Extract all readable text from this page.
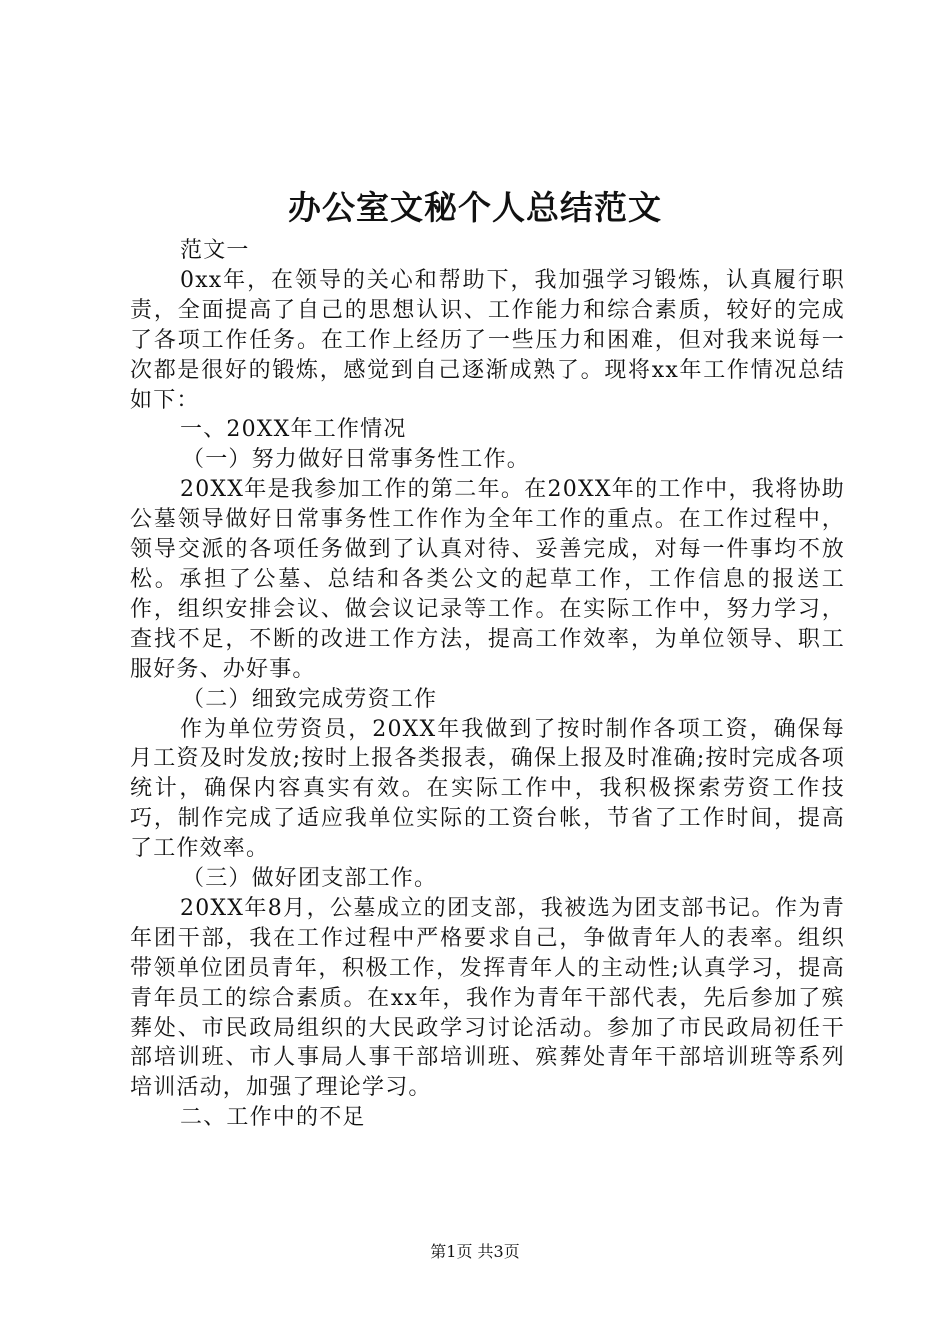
办公室文秘个人总结范文

范文一

0xx年，在领导的关心和帮助下，我加强学习锻炼，认真履行职责，全面提高了自己的思想认识、工作能力和综合素质，较好的完成了各项工作任务。在工作上经历了一些压力和困难，但对我来说每一次都是很好的锻炼，感觉到自己逐渐成熟了。现将xx年工作情况总结如下：

一、20XX年工作情况

（一）努力做好日常事务性工作。

20XX年是我参加工作的第二年。在20XX年的工作中，我将协助公墓领导做好日常事务性工作作为全年工作的重点。在工作过程中，领导交派的各项任务做到了认真对待、妥善完成，对每一件事均不放松。承担了公墓、总结和各类公文的起草工作，工作信息的报送工作，组织安排会议、做会议记录等工作。在实际工作中，努力学习，查找不足，不断的改进工作方法，提高工作效率，为单位领导、职工服好务、办好事。

（二）细致完成劳资工作

作为单位劳资员，20XX年我做到了按时制作各项工资，确保每月工资及时发放;按时上报各类报表，确保上报及时准确;按时完成各项统计，确保内容真实有效。在实际工作中，我积极探索劳资工作技巧，制作完成了适应我单位实际的工资台帐，节省了工作时间，提高了工作效率。

（三）做好团支部工作。

20XX年8月，公墓成立的团支部，我被选为团支部书记。作为青年团干部，我在工作过程中严格要求自己，争做青年人的表率。组织带领单位团员青年，积极工作，发挥青年人的主动性;认真学习，提高青年员工的综合素质。在xx年，我作为青年干部代表，先后参加了殡葬处、市民政局组织的大民政学习讨论活动。参加了市民政局初任干部培训班、市人事局人事干部培训班、殡葬处青年干部培训班等系列培训活动，加强了理论学习。

二、工作中的不足

第1页 共3页
